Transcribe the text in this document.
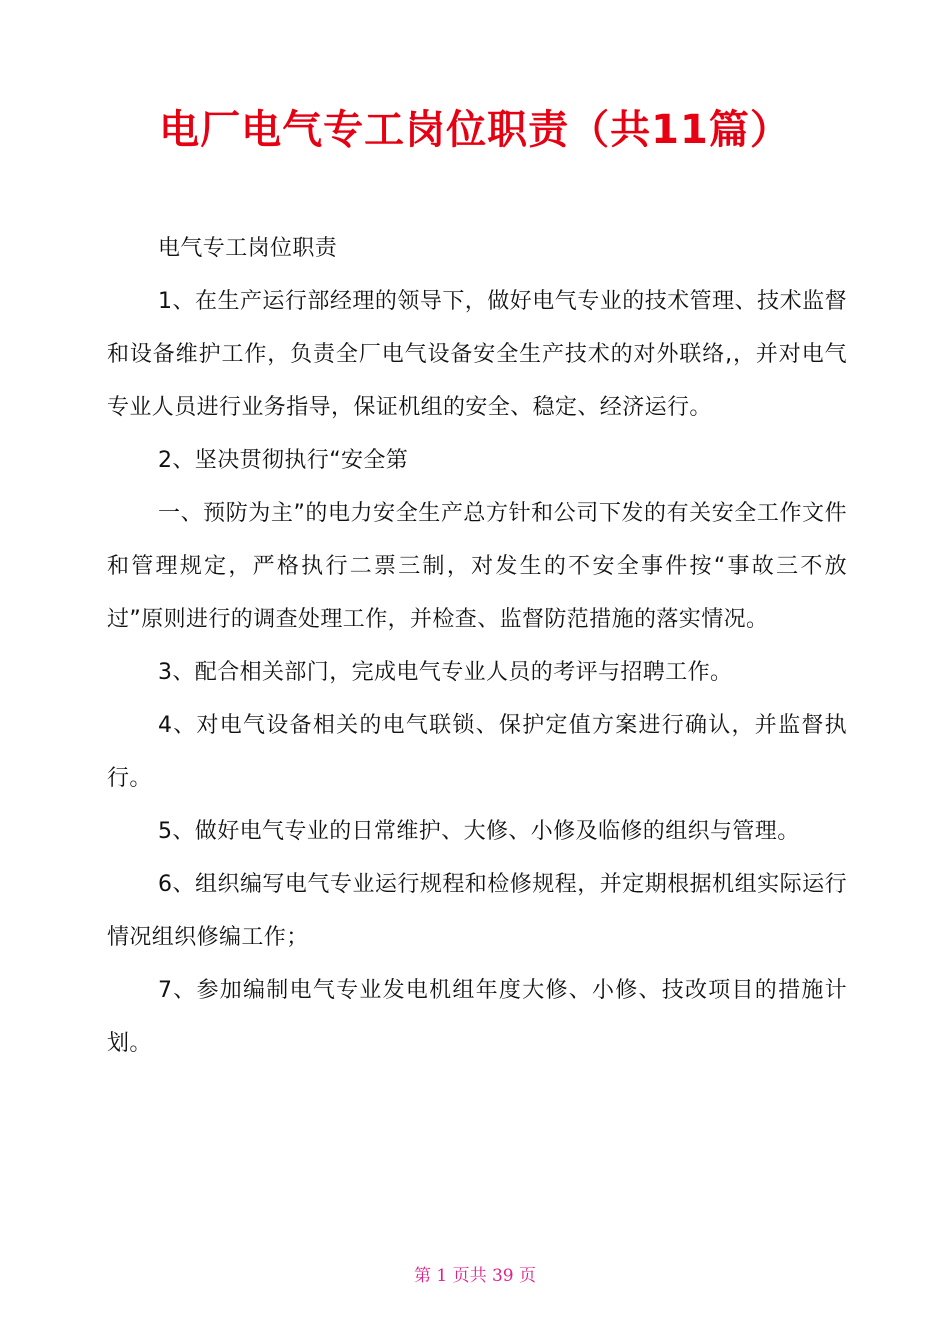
电厂电气专工岗位职责（共11篇）

电气专工岗位职责

1、在生产运行部经理的领导下，做好电气专业的技术管理、技术监督和设备维护工作，负责全厂电气设备安全生产技术的对外联络,，并对电气专业人员进行业务指导，保证机组的安全、稳定、经济运行。

2、坚决贯彻执行“安全第

一、预防为主”的电力安全生产总方针和公司下发的有关安全工作文件和管理规定，严格执行二票三制，对发生的不安全事件按“事故三不放过”原则进行的调查处理工作，并检查、监督防范措施的落实情况。

3、配合相关部门，完成电气专业人员的考评与招聘工作。

4、对电气设备相关的电气联锁、保护定值方案进行确认，并监督执行。

5、做好电气专业的日常维护、大修、小修及临修的组织与管理。

6、组织编写电气专业运行规程和检修规程，并定期根据机组实际运行情况组织修编工作；

7、参加编制电气专业发电机组年度大修、小修、技改项目的措施计划。

第 1 页共 39 页
